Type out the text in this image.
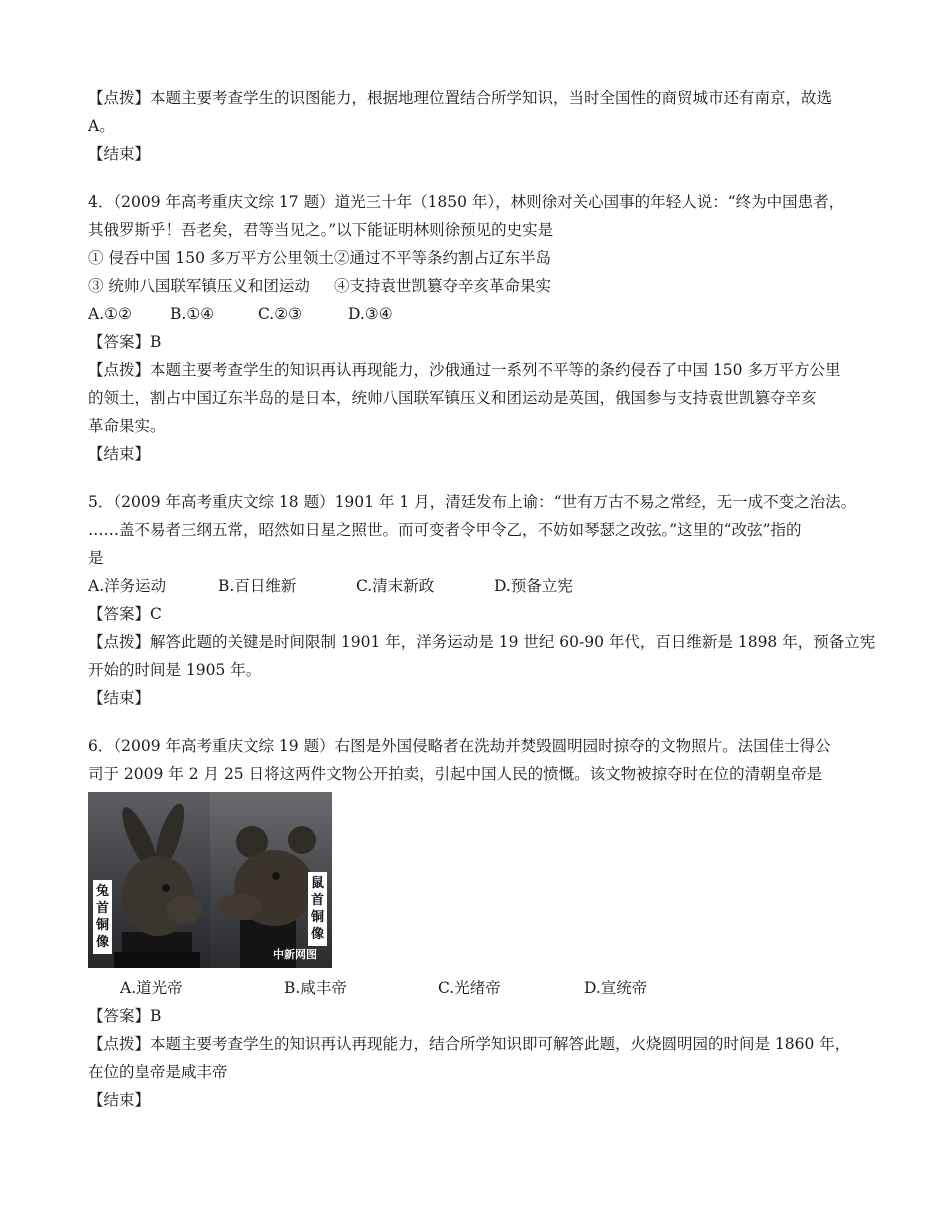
【点拨】本题主要考查学生的识图能力，根据地理位置结合所学知识，当时全国性的商贸城市还有南京，故选
A。
【结束】
4．（2009 年高考重庆文综 17 题）道光三十年（1850 年），林则徐对关心国事的年轻人说：“终为中国患者，
其俄罗斯乎！吾老矣，君等当见之。”以下能证明林则徐预见的史实是
① 侵吞中国 150 多万平方公里领土②通过不平等条约割占辽东半岛
③ 统帅八国联军镇压义和团运动 ④支持袁世凯篡夺辛亥革命果实
A.①②	B.①④	C.②③	D.③④
【答案】B
【点拨】本题主要考查学生的知识再认再现能力，沙俄通过一系列不平等的条约侵吞了中国 150 多万平方公里
的领土，割占中国辽东半岛的是日本，统帅八国联军镇压义和团运动是英国，俄国参与支持袁世凯篡夺辛亥
革命果实。
【结束】
5．（2009 年高考重庆文综 18 题）1901 年 1 月，清廷发布上谕：“世有万古不易之常经，无一成不变之治法。
……盖不易者三纲五常，昭然如日星之照世。而可变者令甲令乙，不妨如琴瑟之改弦。”这里的“改弦”指的
是
A.洋务运动	B.百日维新	C.清末新政	D.预备立宪
【答案】C
【点拨】解答此题的关键是时间限制 1901 年，洋务运动是 19 世纪 60-90 年代，百日维新是 1898 年，预备立宪
开始的时间是 1905 年。
【结束】
6．（2009 年高考重庆文综 19 题）右图是外国侵略者在洗劫并焚毁圆明园时掠夺的文物照片。法国佳士得公
司于 2009 年 2 月 25 日将这两件文物公开拍卖，引起中国人民的愤慨。该文物被掠夺时在位的清朝皇帝是
兔首铜像
鼠首铜像
中新网图
A.道光帝	B.咸丰帝	C.光绪帝	D.宣统帝
【答案】B
【点拨】本题主要考查学生的知识再认再现能力，结合所学知识即可解答此题，火烧圆明园的时间是 1860 年，
在位的皇帝是咸丰帝
【结束】
